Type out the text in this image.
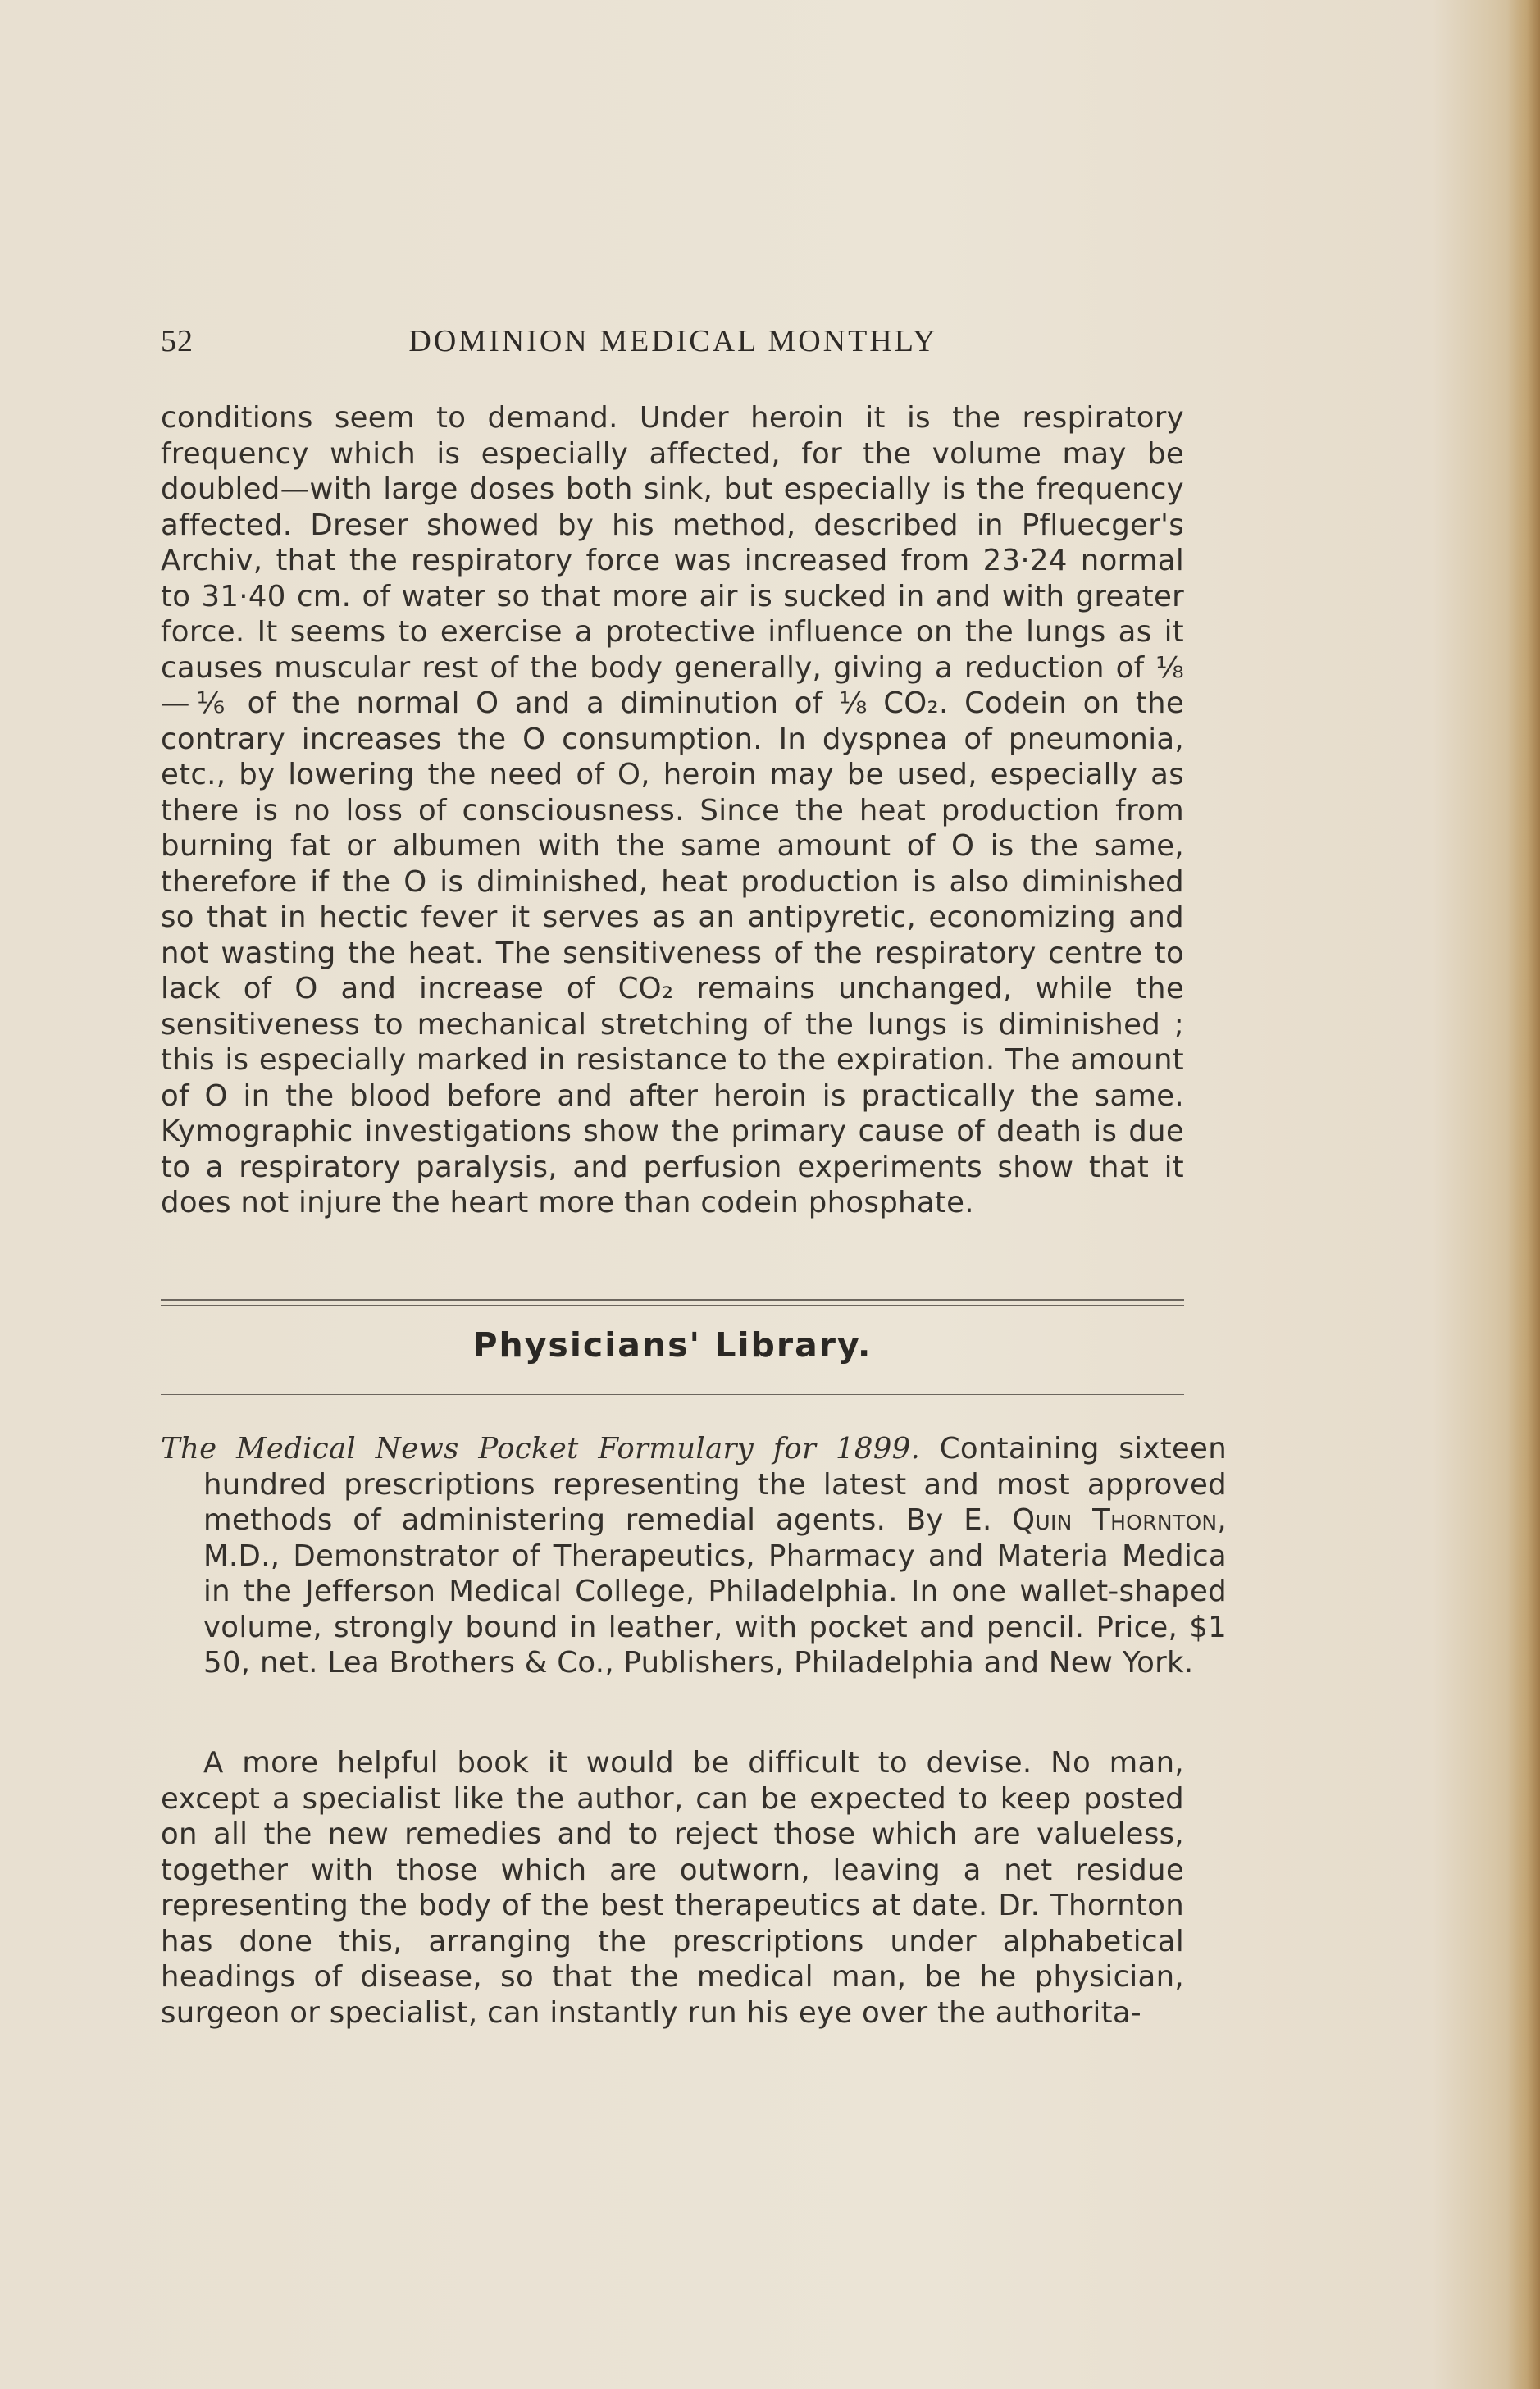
52	DOMINION MEDICAL MONTHLY

conditions seem to demand. Under heroin it is the respiratory frequency which is especially affected, for the volume may be doubled—with large doses both sink, but especially is the frequency affected. Dreser showed by his method, described in Pfluecger's Archiv, that the respiratory force was increased from 23·24 normal to 31·40 cm. of water so that more air is sucked in and with greater force. It seems to exercise a protective influence on the lungs as it causes muscular rest of the body generally, giving a reduction of ⅛—⅙ of the normal O and a diminution of ⅛ CO₂. Codein on the contrary increases the O consumption. In dyspnea of pneumonia, etc., by lowering the need of O, heroin may be used, especially as there is no loss of consciousness. Since the heat production from burning fat or albumen with the same amount of O is the same, therefore if the O is diminished, heat production is also diminished so that in hectic fever it serves as an antipyretic, economizing and not wasting the heat. The sensitiveness of the respiratory centre to lack of O and increase of CO₂ remains unchanged, while the sensitiveness to mechanical stretching of the lungs is diminished ; this is especially marked in resistance to the expiration. The amount of O in the blood before and after heroin is practically the same. Kymographic investigations show the primary cause of death is due to a respiratory paralysis, and perfusion experiments show that it does not injure the heart more than codein phosphate.

Physicians' Library.
The Medical News Pocket Formulary for 1899. Containing sixteen hundred prescriptions representing the latest and most approved methods of administering remedial agents. By E. Quin Thornton, M.D., Demonstrator of Therapeutics, Pharmacy and Materia Medica in the Jefferson Medical College, Philadelphia. In one wallet-shaped volume, strongly bound in leather, with pocket and pencil. Price, $1 50, net. Lea Brothers & Co., Publishers, Philadelphia and New York.

A more helpful book it would be difficult to devise. No man, except a specialist like the author, can be expected to keep posted on all the new remedies and to reject those which are valueless, together with those which are outworn, leaving a net residue representing the body of the best therapeutics at date. Dr. Thornton has done this, arranging the prescriptions under alphabetical headings of disease, so that the medical man, be he physician, surgeon or specialist, can instantly run his eye over the authorita-
